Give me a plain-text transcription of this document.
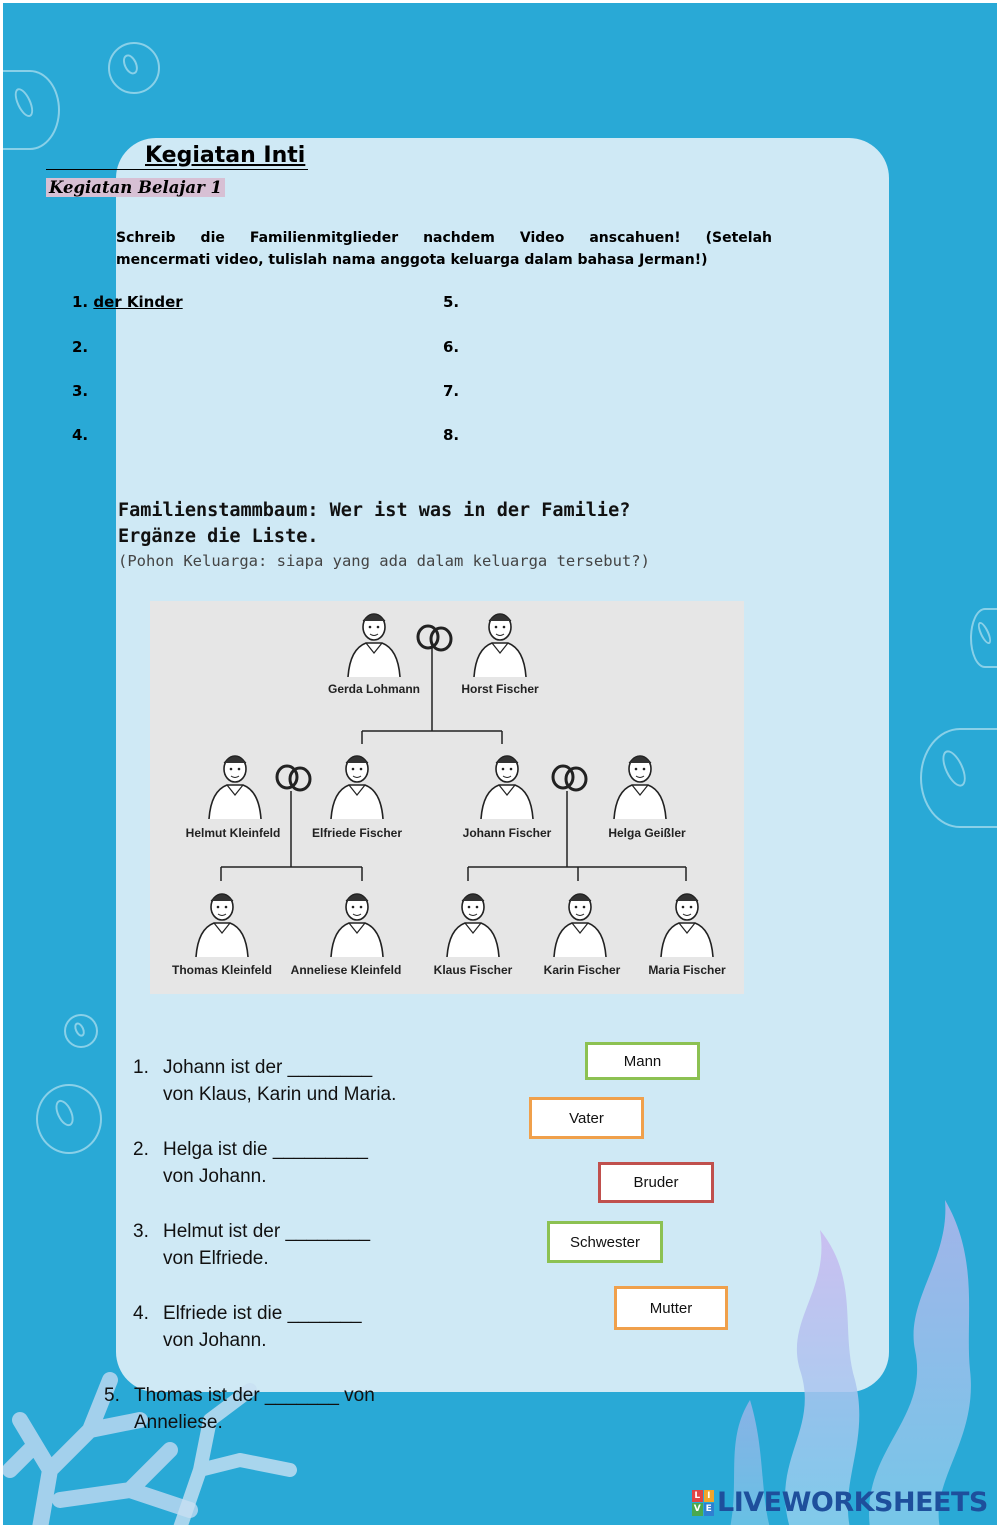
Kegiatan Inti
Kegiatan Belajar 1
Schreib die Familienmitglieder nachdem Video anscahuen! (Setelah
mencermati video, tulislah nama anggota keluarga dalam bahasa Jerman!)
1. der Kinder
2.
3.
4.
5.
6.
7.
8.
Familienstammbaum: Wer ist was in der Familie?
Ergänze die Liste.
(Pohon Keluarga: siapa yang ada dalam keluarga tersebut?)
Gerda Lohmann	Horst Fischer
Helmut Kleinfeld	Elfriede Fischer	Johann Fischer	Helga Geißler
Thomas Kleinfeld Anneliese Kleinfeld	Klaus Fischer	Karin Fischer Maria Fischer
1. Johann ist der ________
von Klaus, Karin und Maria.
2. Helga ist die _________
von Johann.
3. Helmut ist der ________
von Elfriede.
4. Elfriede ist die _______
von Johann.
5. Thomas ist der _______ von
Anneliese.
Mann
Vater
Bruder
Schwester
Mutter
L I
V E LIVEWORKSHEETS
